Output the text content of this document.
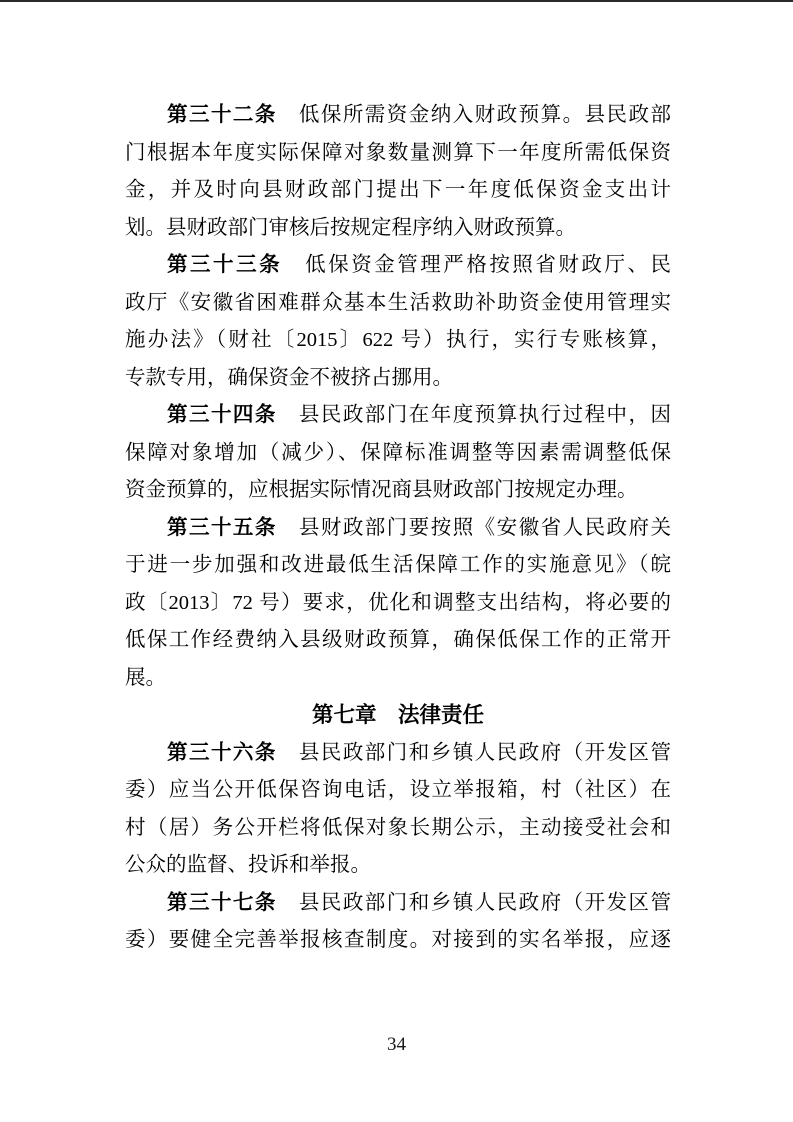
第三十二条　低保所需资金纳入财政预算。县民政部
门根据本年度实际保障对象数量测算下一年度所需低保资
金，并及时向县财政部门提出下一年度低保资金支出计
划。县财政部门审核后按规定程序纳入财政预算。
第三十三条　低保资金管理严格按照省财政厅、民
政厅《安徽省困难群众基本生活救助补助资金使用管理实
施办法》（财社〔2015〕622 号）执行，实行专账核算，
专款专用，确保资金不被挤占挪用。
第三十四条　县民政部门在年度预算执行过程中，因
保障对象增加（减少）、保障标准调整等因素需调整低保
资金预算的，应根据实际情况商县财政部门按规定办理。
第三十五条　县财政部门要按照《安徽省人民政府关
于进一步加强和改进最低生活保障工作的实施意见》（皖
政〔2013〕72 号）要求，优化和调整支出结构，将必要的
低保工作经费纳入县级财政预算，确保低保工作的正常开
展。
第七章　法律责任
第三十六条　县民政部门和乡镇人民政府（开发区管
委）应当公开低保咨询电话，设立举报箱，村（社区）在
村（居）务公开栏将低保对象长期公示，主动接受社会和
公众的监督、投诉和举报。
第三十七条　县民政部门和乡镇人民政府（开发区管
委）要健全完善举报核查制度。对接到的实名举报，应逐
34
